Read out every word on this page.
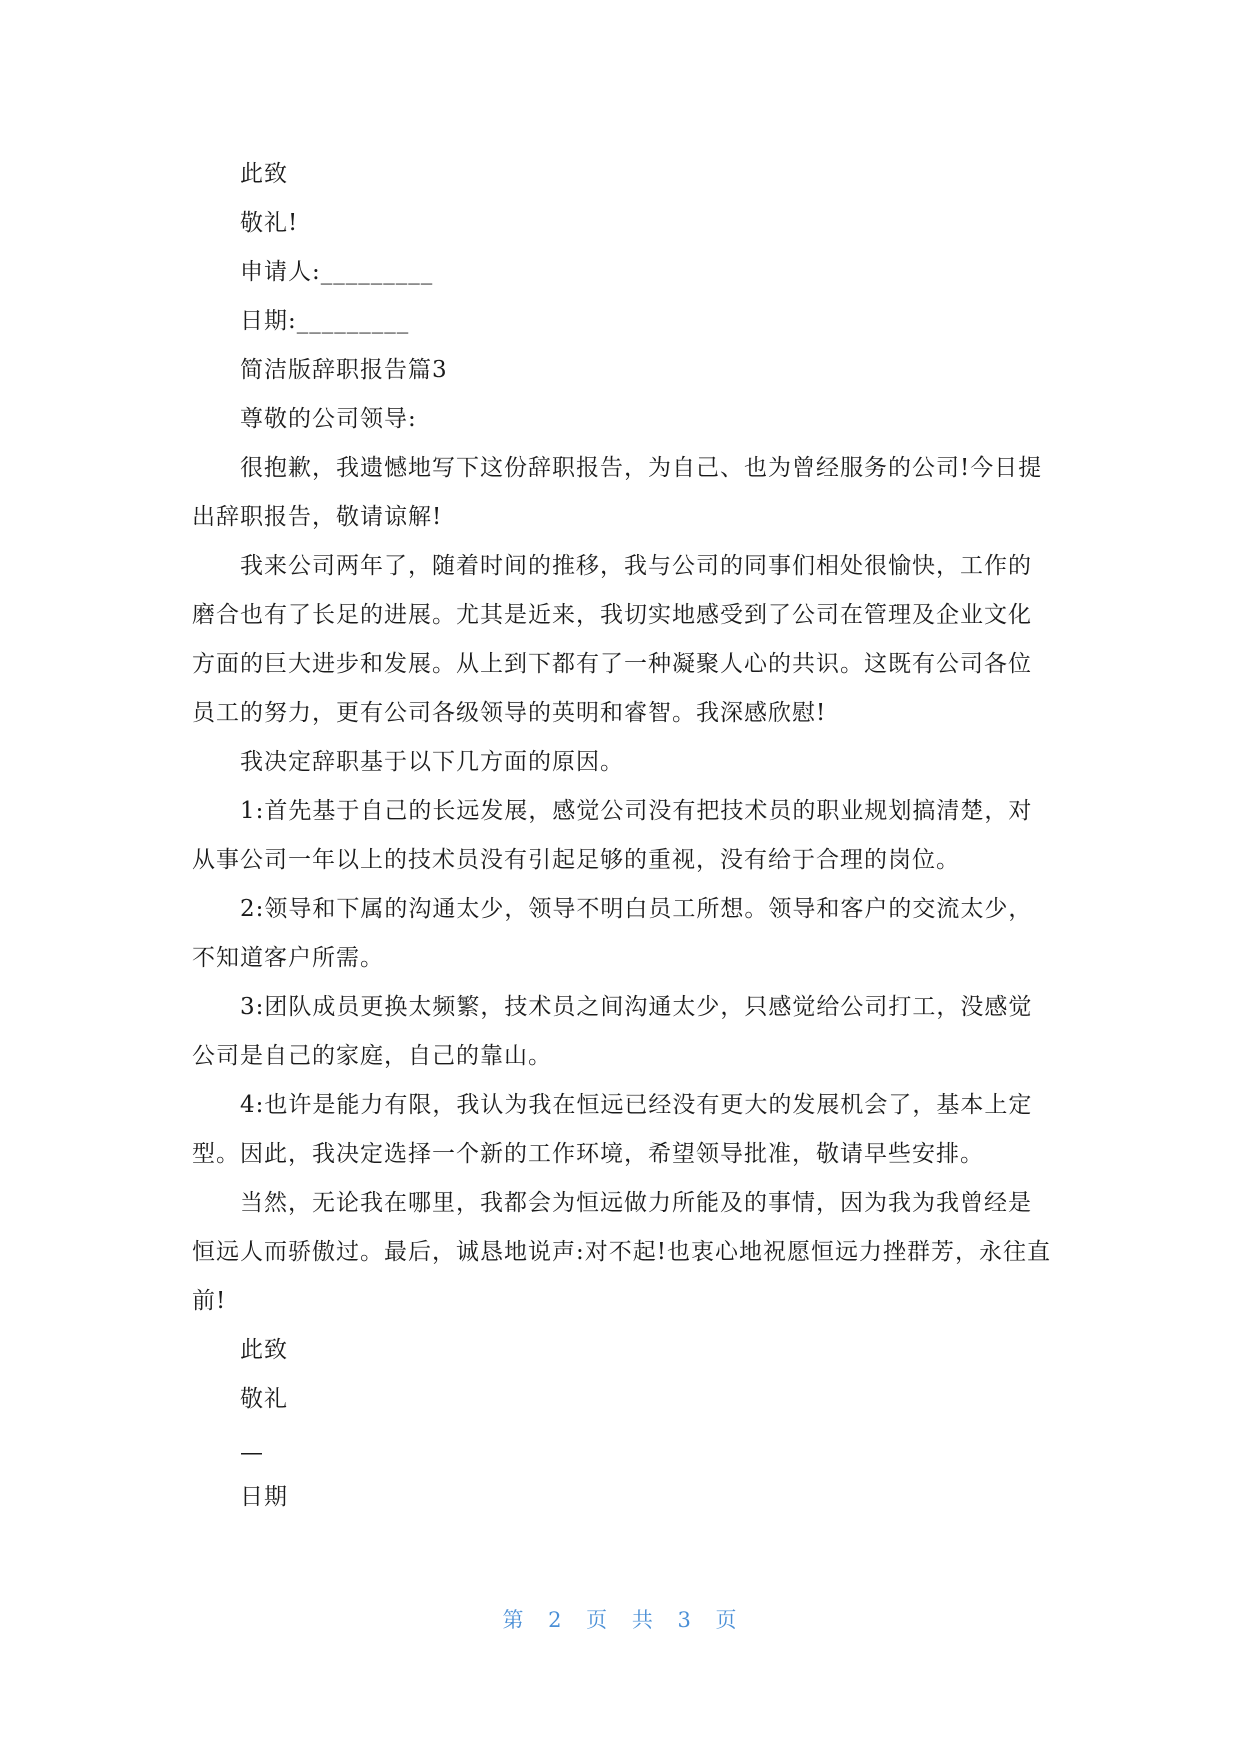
此致

敬礼!

申请人:_________

日期:_________

简洁版辞职报告篇3

尊敬的公司领导:

很抱歉，我遗憾地写下这份辞职报告，为自己、也为曾经服务的公司!今日提出辞职报告，敬请谅解!

我来公司两年了，随着时间的推移，我与公司的同事们相处很愉快，工作的磨合也有了长足的进展。尤其是近来，我切实地感受到了公司在管理及企业文化方面的巨大进步和发展。从上到下都有了一种凝聚人心的共识。这既有公司各位员工的努力，更有公司各级领导的英明和睿智。我深感欣慰!

我决定辞职基于以下几方面的原因。

1:首先基于自己的长远发展，感觉公司没有把技术员的职业规划搞清楚，对从事公司一年以上的技术员没有引起足够的重视，没有给于合理的岗位。

2:领导和下属的沟通太少，领导不明白员工所想。领导和客户的交流太少，不知道客户所需。

3:团队成员更换太频繁，技术员之间沟通太少，只感觉给公司打工，没感觉公司是自己的家庭，自己的靠山。

4:也许是能力有限，我认为我在恒远已经没有更大的发展机会了，基本上定型。因此，我决定选择一个新的工作环境，希望领导批准，敬请早些安排。

当然，无论我在哪里，我都会为恒远做力所能及的事情，因为我为我曾经是恒远人而骄傲过。最后，诚恳地说声:对不起!也衷心地祝愿恒远力挫群芳，永往直前!

此致

敬礼

—

日期

第 2 页 共 3 页
